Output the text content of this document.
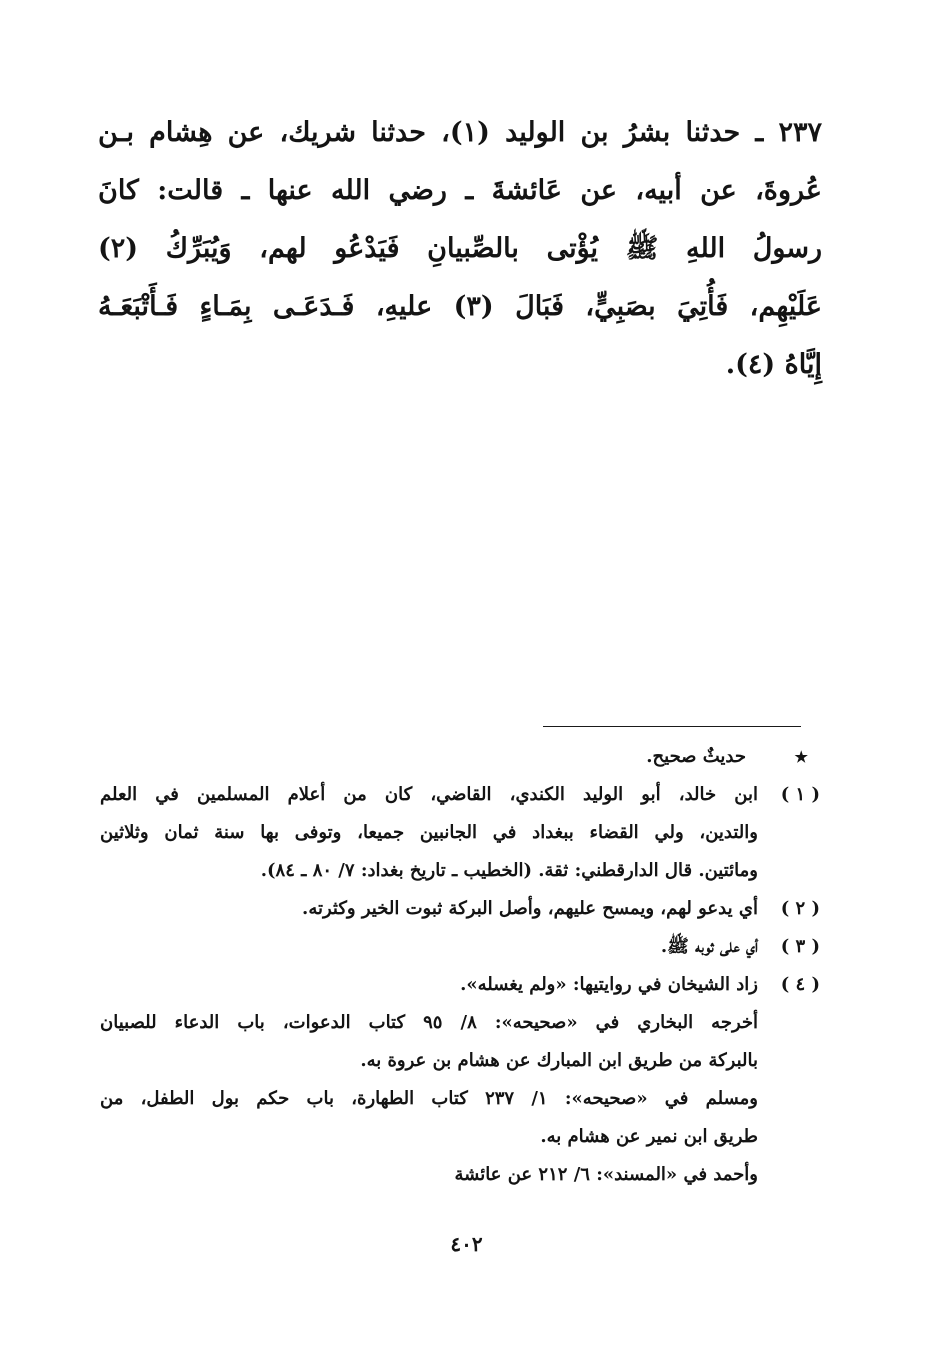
٢٣٧ ـ حدثنا بشرُ بن الوليد (١)، حدثنا شريك، عن هِشام بـن
عُروةَ، عن أبيه، عن عَائشةَ ـ رضي الله عنها ـ قالت: كانَ
رسولُ اللهِ ﷺ يُؤْتى بالصِّبيانِ فَيَدْعُو لهم، وَيُبَرِّكُ (٢)
عَلَيْهِم، فَأُتِيَ بصَبِيٍّ، فَبَالَ (٣) عليهِ، فَـدَعَـى بِمَـاءٍ فَـأَتْبَعَـهُ
إِيَّاهُ (٤).
★
حديثٌ صحيح.
( ١ )
ابن خالد، أبو الوليد الكندي، القاضي، كان من أعلام المسلمين في العلم
والتدين، ولي القضاء ببغداد في الجانبين جميعا، وتوفى بها سنة ثمان وثلاثين
ومائتين. قال الدارقطني: ثقة. (الخطيب ـ تاريخ بغداد: ٧/ ٨٠ ـ ٨٤).
( ٢ )
أي يدعو لهم، ويمسح عليهم، وأصل البركة ثبوت الخير وكثرته.
( ٣ )
أي على ثوبه ﷺ.
( ٤ )
زاد الشيخان في روايتيها: «ولم يغسله».
أخرجه البخاري في «صحيحه»: ٨/ ٩٥ كتاب الدعوات، باب الدعاء للصبيان
بالبركة من طريق ابن المبارك عن هشام بن عروة به.
ومسلم في «صحيحه»: ١/ ٢٣٧ كتاب الطهارة، باب حكم بول الطفل، من
طريق ابن نمير عن هشام به.
وأحمد في «المسند»: ٦/ ٢١٢ عن عائشة
٤٠٢
